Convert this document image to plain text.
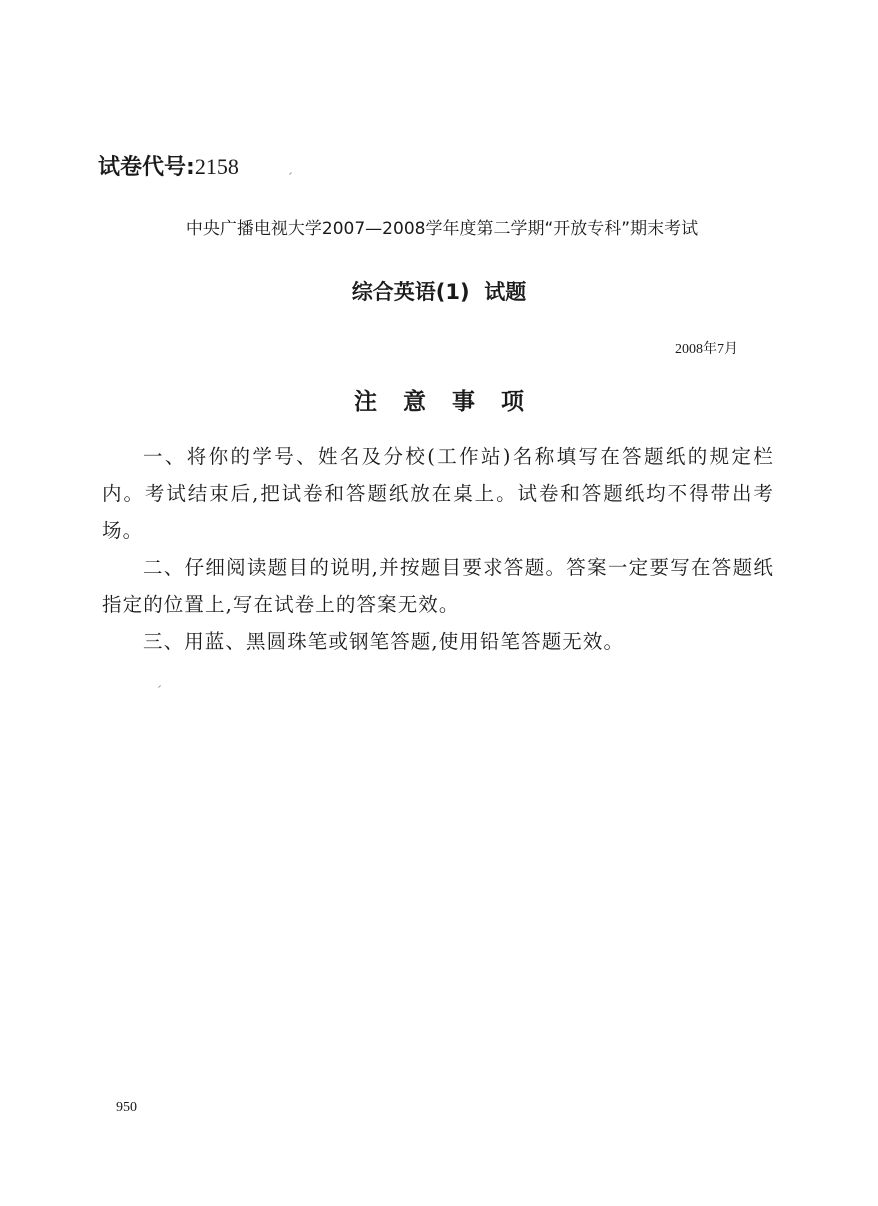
试卷代号:2158
中央广播电视大学2007—2008学年度第二学期“开放专科”期末考试
综合英语(1)  试题
2008年7月
注意事项

一、将你的学号、姓名及分校(工作站)名称填写在答题纸的规定栏内。考试结束后,把试卷和答题纸放在桌上。试卷和答题纸均不得带出考场。

二、仔细阅读题目的说明,并按题目要求答题。答案一定要写在答题纸指定的位置上,写在试卷上的答案无效。

三、用蓝、黑圆珠笔或钢笔答题,使用铅笔答题无效。

950
